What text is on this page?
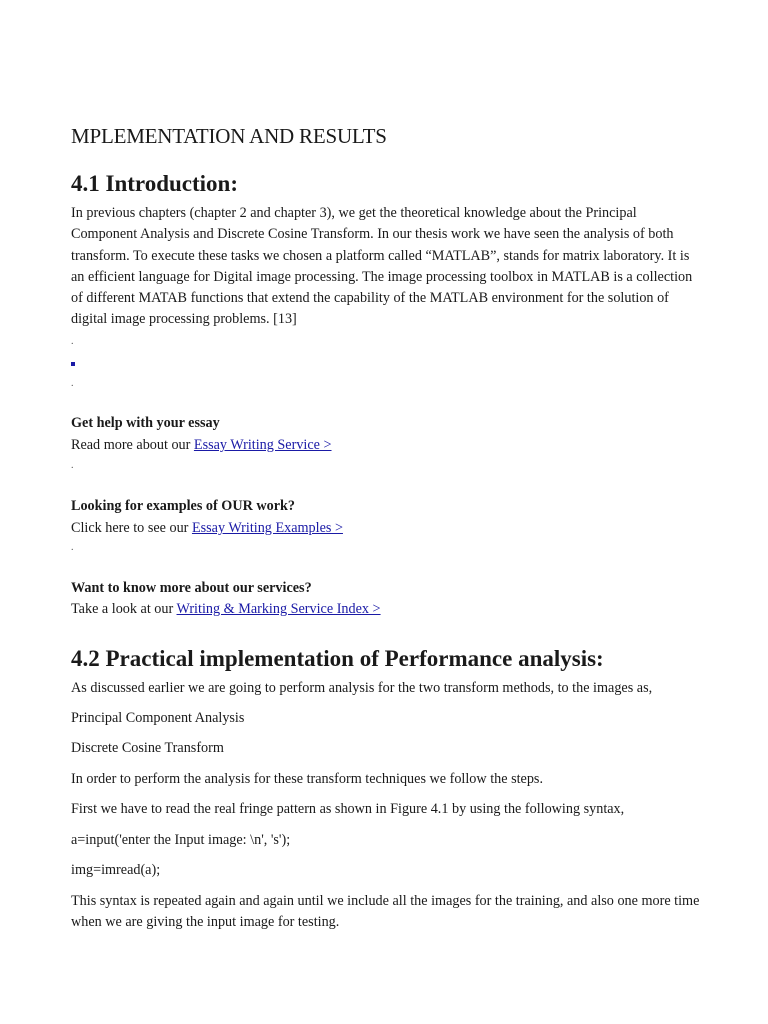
MPLEMENTATION AND RESULTS
4.1 Introduction:

In previous chapters (chapter 2 and chapter 3), we get the theoretical knowledge about the Principal Component Analysis and Discrete Cosine Transform. In our thesis work we have seen the analysis of both transform. To execute these tasks we chosen a platform called “MATLAB”, stands for matrix laboratory. It is an efficient language for Digital image processing. The image processing toolbox in MATLAB is a collection of different MATAB functions that extend the capability of the MATLAB environment for the solution of digital image processing problems. [13]

.
.

Get help with your essay

Read more about our Essay Writing Service >

.

Looking for examples of OUR work?

Click here to see our Essay Writing Examples >

.

Want to know more about our services?

Take a look at our Writing & Marking Service Index >

4.2 Practical implementation of Performance analysis:

As discussed earlier we are going to perform analysis for the two transform methods, to the images as,

Principal Component Analysis

Discrete Cosine Transform

In order to perform the analysis for these transform techniques we follow the steps.

First we have to read the real fringe pattern as shown in Figure 4.1 by using the following syntax,

a=input('enter the Input image: \n', 's');

img=imread(a);

This syntax is repeated again and again until we include all the images for the training, and also one more time when we are giving the input image for testing.
